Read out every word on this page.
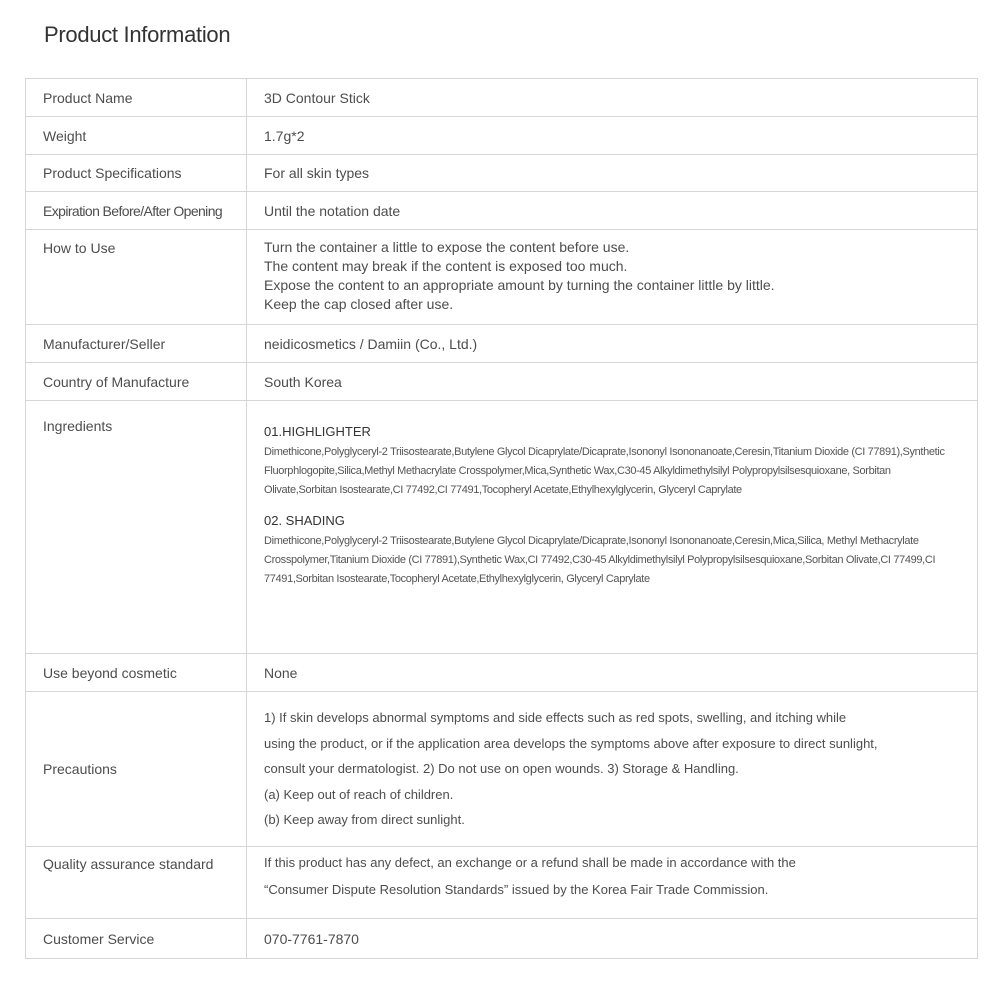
Product Information
Product Name	3D Contour Stick
Weight	1.7g*2
Product Specifications	For all skin types
Expiration Before/After Opening	Until the notation date
How to Use	Turn the container a little to expose the content before use.
The content may break if the content is exposed too much.
Expose the content to an appropriate amount by turning the container little by little.
Keep the cap closed after use.

Manufacturer/Seller	neidicosmetics / Damiin (Co., Ltd.)
Country of Manufacture	South Korea
Ingredients	01.HIGHLIGHTER
Dimethicone,Polyglyceryl-2 Triisostearate,Butylene Glycol Dicaprylate/Dicaprate,Isononyl Isononanoate,Ceresin,Titanium Dioxide (CI 77891),Synthetic Fluorphlogopite,Silica,Methyl Methacrylate Crosspolymer,Mica,Synthetic Wax,C30-45 Alkyldimethylsilyl Polypropylsilsesquioxane, Sorbitan Olivate,Sorbitan Isostearate,CI 77492,CI 77491,Tocopheryl Acetate,Ethylhexylglycerin, Glyceryl Caprylate
02. SHADING
Dimethicone,Polyglyceryl-2 Triisostearate,Butylene Glycol Dicaprylate/Dicaprate,Isononyl Isononanoate,Ceresin,Mica,Silica, Methyl Methacrylate Crosspolymer,Titanium Dioxide (CI 77891),Synthetic Wax,CI 77492,C30-45 Alkyldimethylsilyl Polypropylsilsesquioxane,Sorbitan Olivate,CI 77499,CI 77491,Sorbitan Isostearate,Tocopheryl Acetate,Ethylhexylglycerin, Glyceryl Caprylate

Use beyond cosmetic	None
Precautions	1) If skin develops abnormal symptoms and side effects such as red spots, swelling, and itching while
using the product, or if the application area develops the symptoms above after exposure to direct sunlight,
consult your dermatologist. 2) Do not use on open wounds. 3) Storage & Handling.
(a) Keep out of reach of children.
(b) Keep away from direct sunlight.

Quality assurance standard	If this product has any defect, an exchange or a refund shall be made in accordance with the
“Consumer Dispute Resolution Standards” issued by the Korea Fair Trade Commission.

Customer Service	070-7761-7870
